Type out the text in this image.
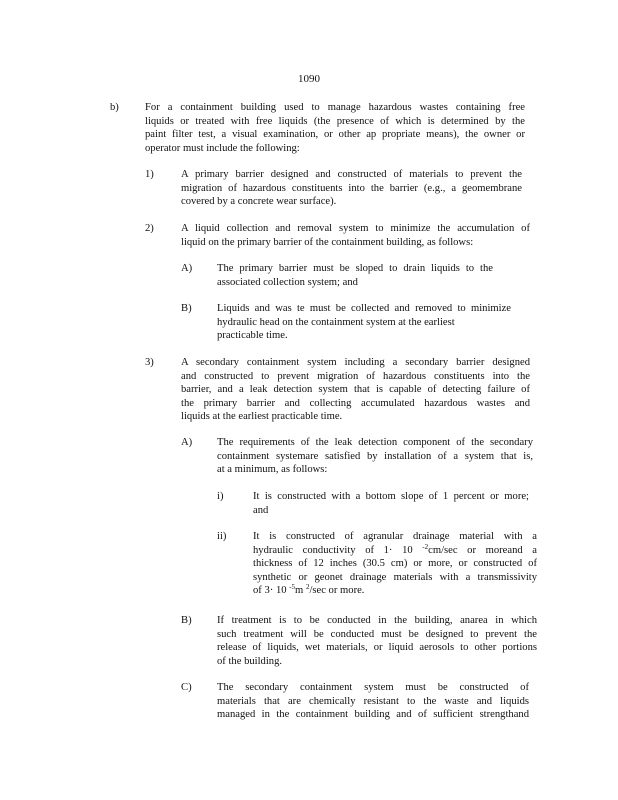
1090
b) For a containment building used to manage hazardous wastes containing free
liquids or treated with free liquids (the presence of which is determined by the
paint filter test, a visual examination, or other ap propriate means), the owner or
operator must include the following:
1)	A primary barrier designed and constructed of materials to prevent the
migration of hazardous constituents into the barrier (e.g., a geomembrane
covered by a concrete wear surface).
2)	A liquid collection and removal system to minimize the accumulation of
liquid on the primary barrier of the containment building, as follows:
A) The primary barrier must be sloped to drain liquids to the
associated collection system; and
B) Liquids and was te must be collected and removed to minimize
hydraulic head on the containment system at the earliest
practicable time.
3)	A secondary containment system including a secondary barrier designed
and constructed to prevent migration of hazardous constituents into the
barrier, and a leak detection system that is capable of detecting failure of
the primary barrier and collecting accumulated hazardous wastes and
liquids at the earliest practicable time.
A) The requirements of the leak detection component of the secondary
containment systemare satisfied by installation of a system that is,
at a minimum, as follows:
i)	It is constructed with a bottom slope of 1 percent or more;
and
ii)	It is constructed of agranular drainage material with a
hydraulic conductivity of 1· 10 $^{-2}$cm/sec or moreand a
thickness of 12 inches (30.5 cm) or more, or constructed of
synthetic or geonet drainage materials with a transmissivity
of 3· 10 $^{-5}$m $^2$/sec or more.
B) If treatment is to be conducted in the building, anarea in which
such treatment will be conducted must be designed to prevent the
release of liquids, wet materials, or liquid aerosols to other portions
of the building.
C) The secondary containment system must be constructed of
materials that are chemically resistant to the waste and liquids
managed in the containment building and of sufficient strengthand
